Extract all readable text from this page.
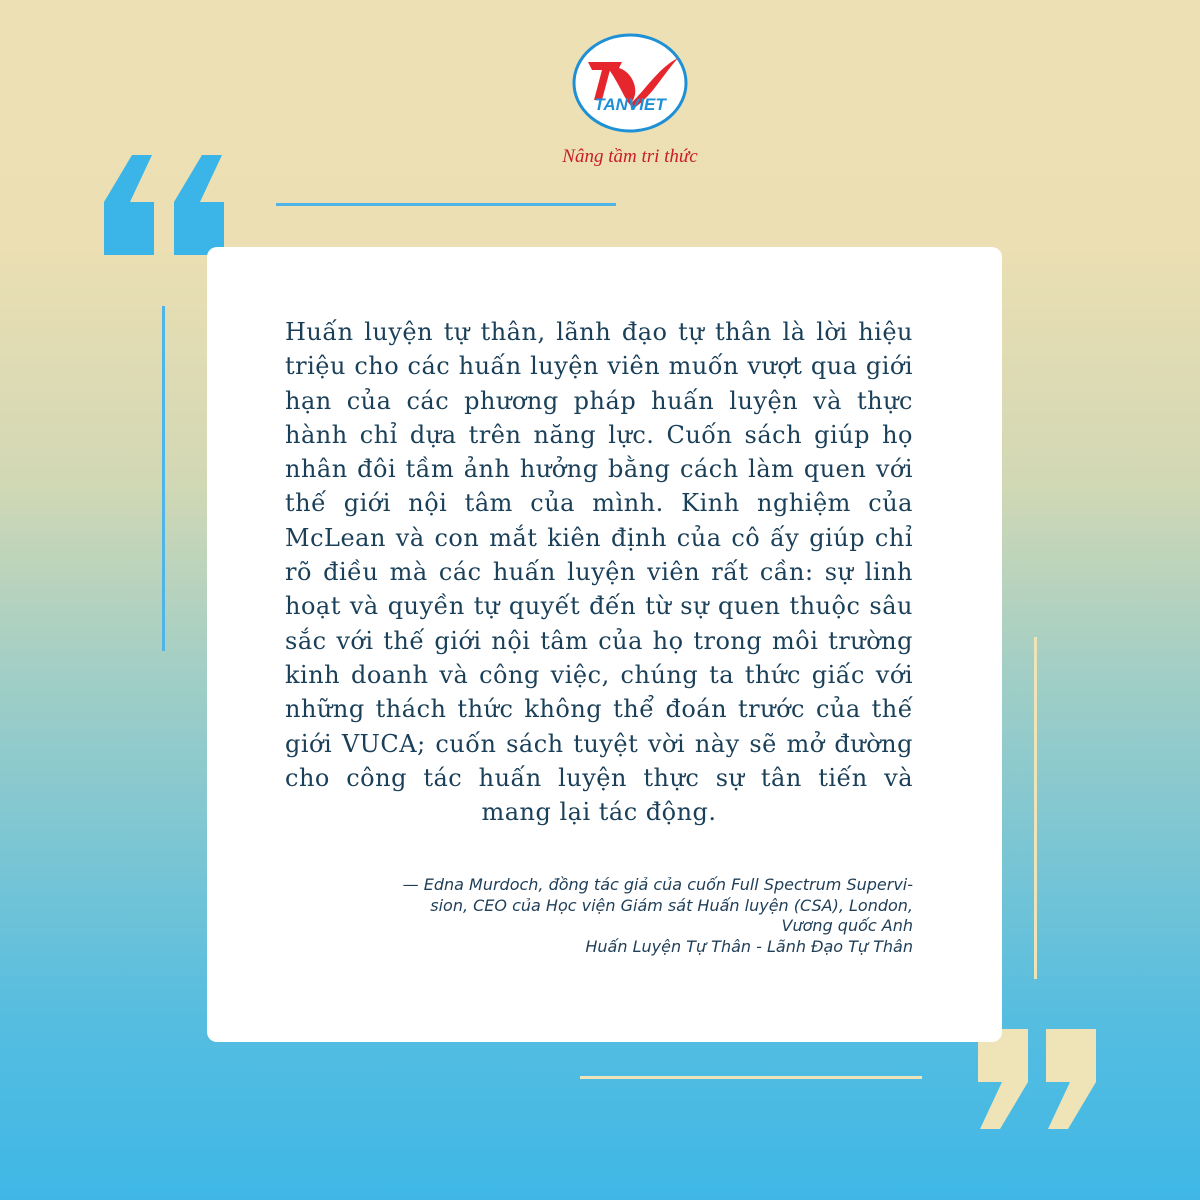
TANVIET
Nâng tầm tri thức
Huấn luyện tự thân, lãnh đạo tự thân là lời hiệu triệu cho các huấn luyện viên muốn vượt qua giới hạn của các phương pháp huấn luyện và thực hành chỉ dựa trên năng lực. Cuốn sách giúp họ nhân đôi tầm ảnh hưởng bằng cách làm quen với thế giới nội tâm của mình. Kinh nghiệm của McLean và con mắt kiên định của cô ấy giúp chỉ rõ điều mà các huấn luyện viên rất cần: sự linh hoạt và quyền tự quyết đến từ sự quen thuộc sâu sắc với thế giới nội tâm của họ trong môi trường kinh doanh và công việc, chúng ta thức giấc với những thách thức không thể đoán trước của thế giới VUCA; cuốn sách tuyệt vời này sẽ mở đường cho công tác huấn luyện thực sự tân tiến và mang lại tác động.
— Edna Murdoch, đồng tác giả của cuốn Full Spectrum Supervi-
sion, CEO của Học viện Giám sát Huấn luyện (CSA), London,
Vương quốc Anh
Huấn Luyện Tự Thân - Lãnh Đạo Tự Thân
